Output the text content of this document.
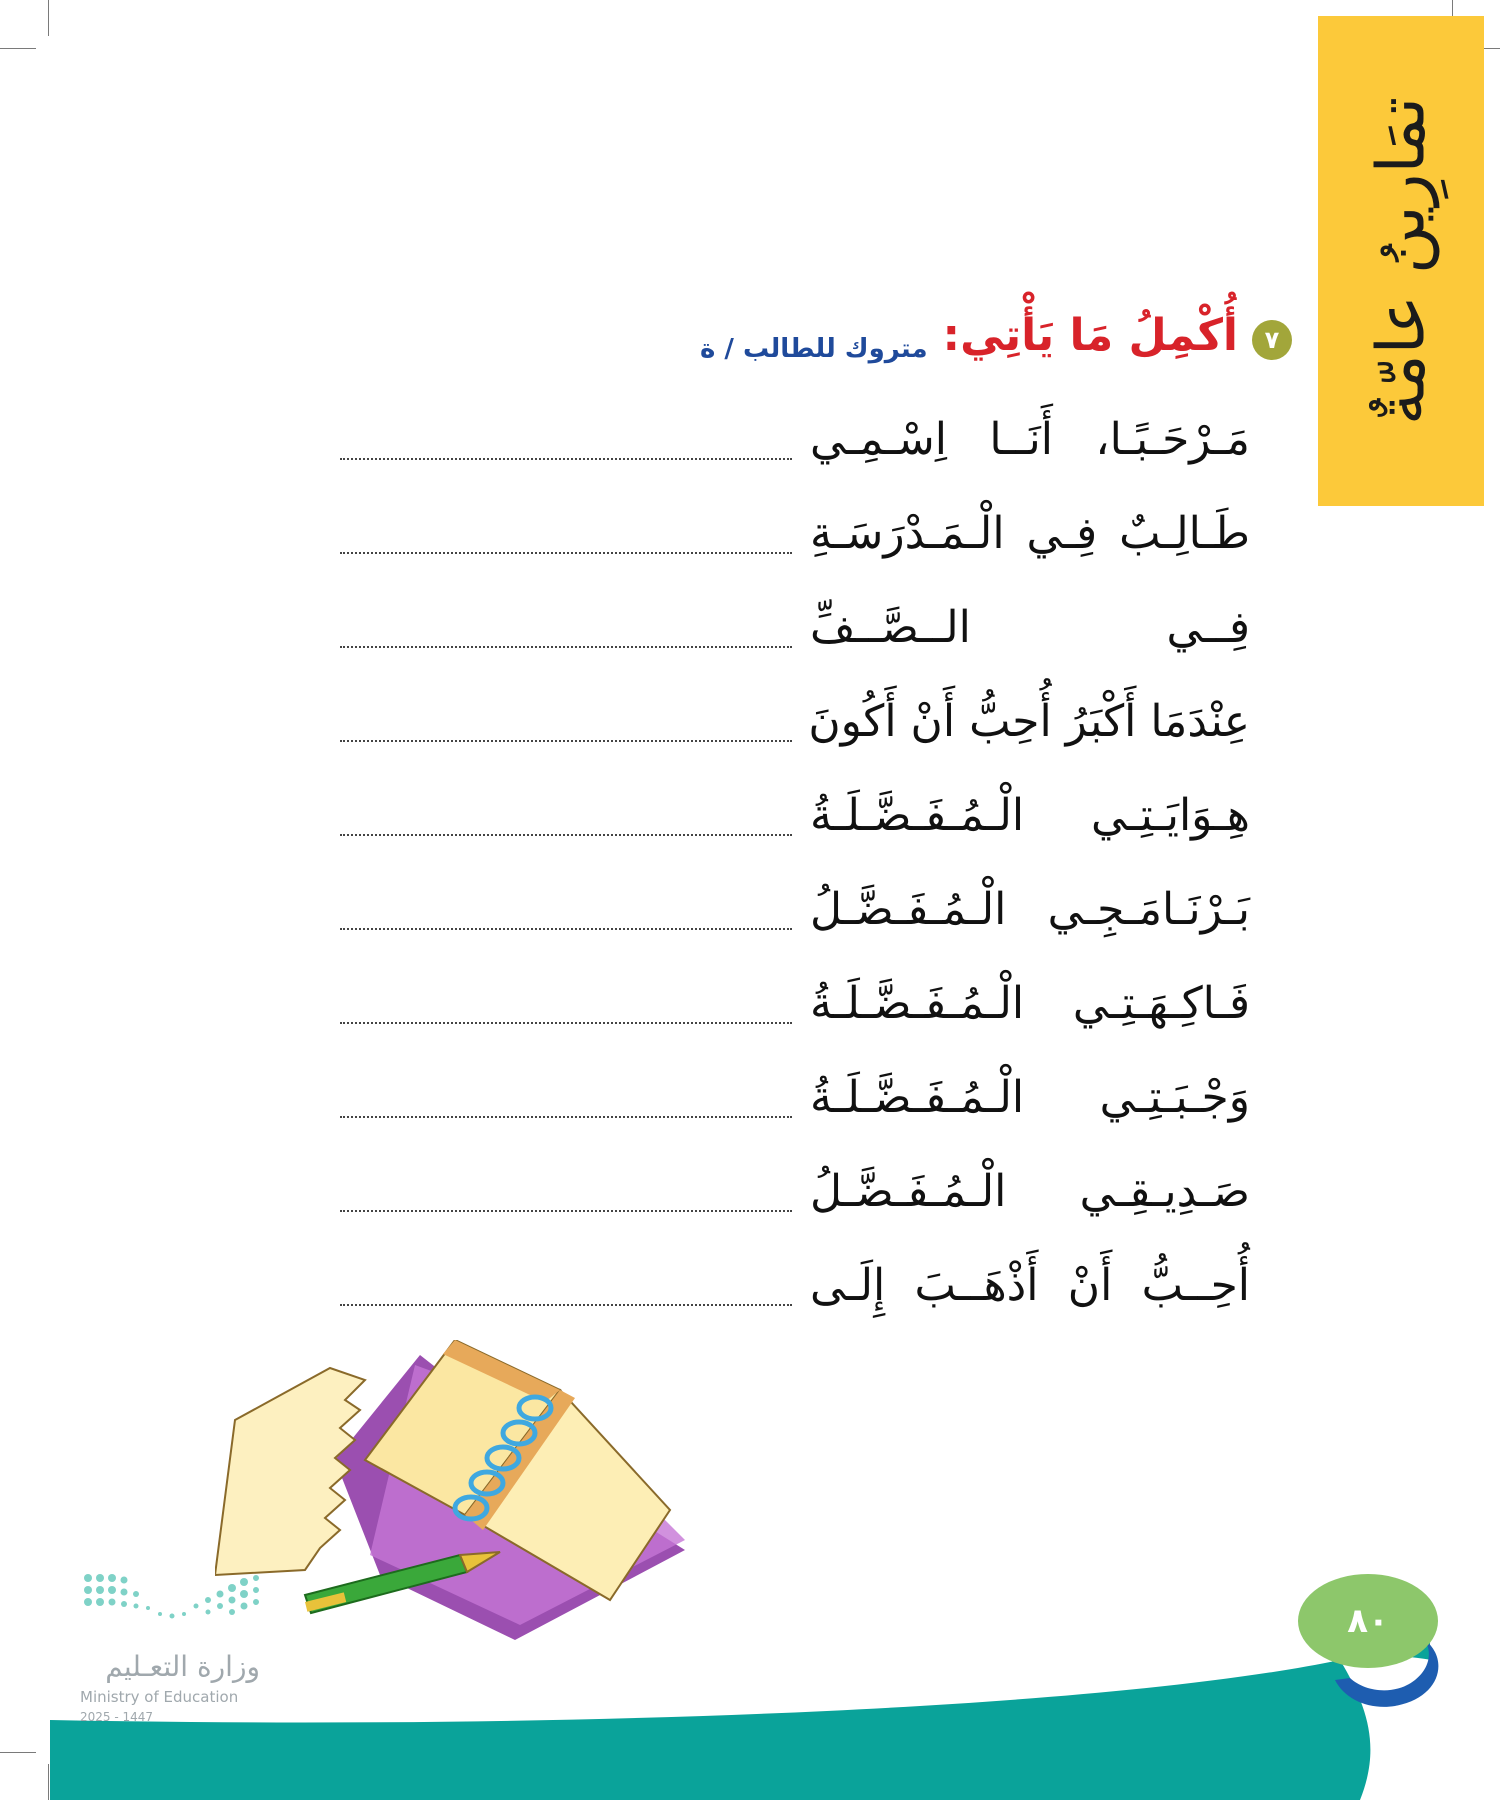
تمَارِينُ عامّةٌ
٧
أُكْمِلُ مَا يَأْتِي:
متروك للطالب / ة
مَـرْحَـبًـا، أَنَــا اِسْـمِـي
طَـالِـبٌ فِـي الْـمَـدْرَسَـةِ
فِــي الــصَّــفِّ
عِنْدَمَا أَكْبَرُ أُحِبُّ أَنْ أَكُونَ
هِـوَايَـتِـي الْـمُـفَـضَّـلَـةُ
بَـرْنَـامَـجِـي الْـمُـفَـضَّـلُ
فَـاكِـهَـتِـي الْـمُـفَـضَّـلَـةُ
وَجْـبَـتِـي الْـمُـفَـضَّـلَـةُ
صَـدِيـقِـي الْـمُـفَـضَّـلُ
أُحِــبُّ أَنْ أَذْهَــبَ إِلَـى
٨٠
وزارة التعـليم
Ministry of Education
2025 - 1447
